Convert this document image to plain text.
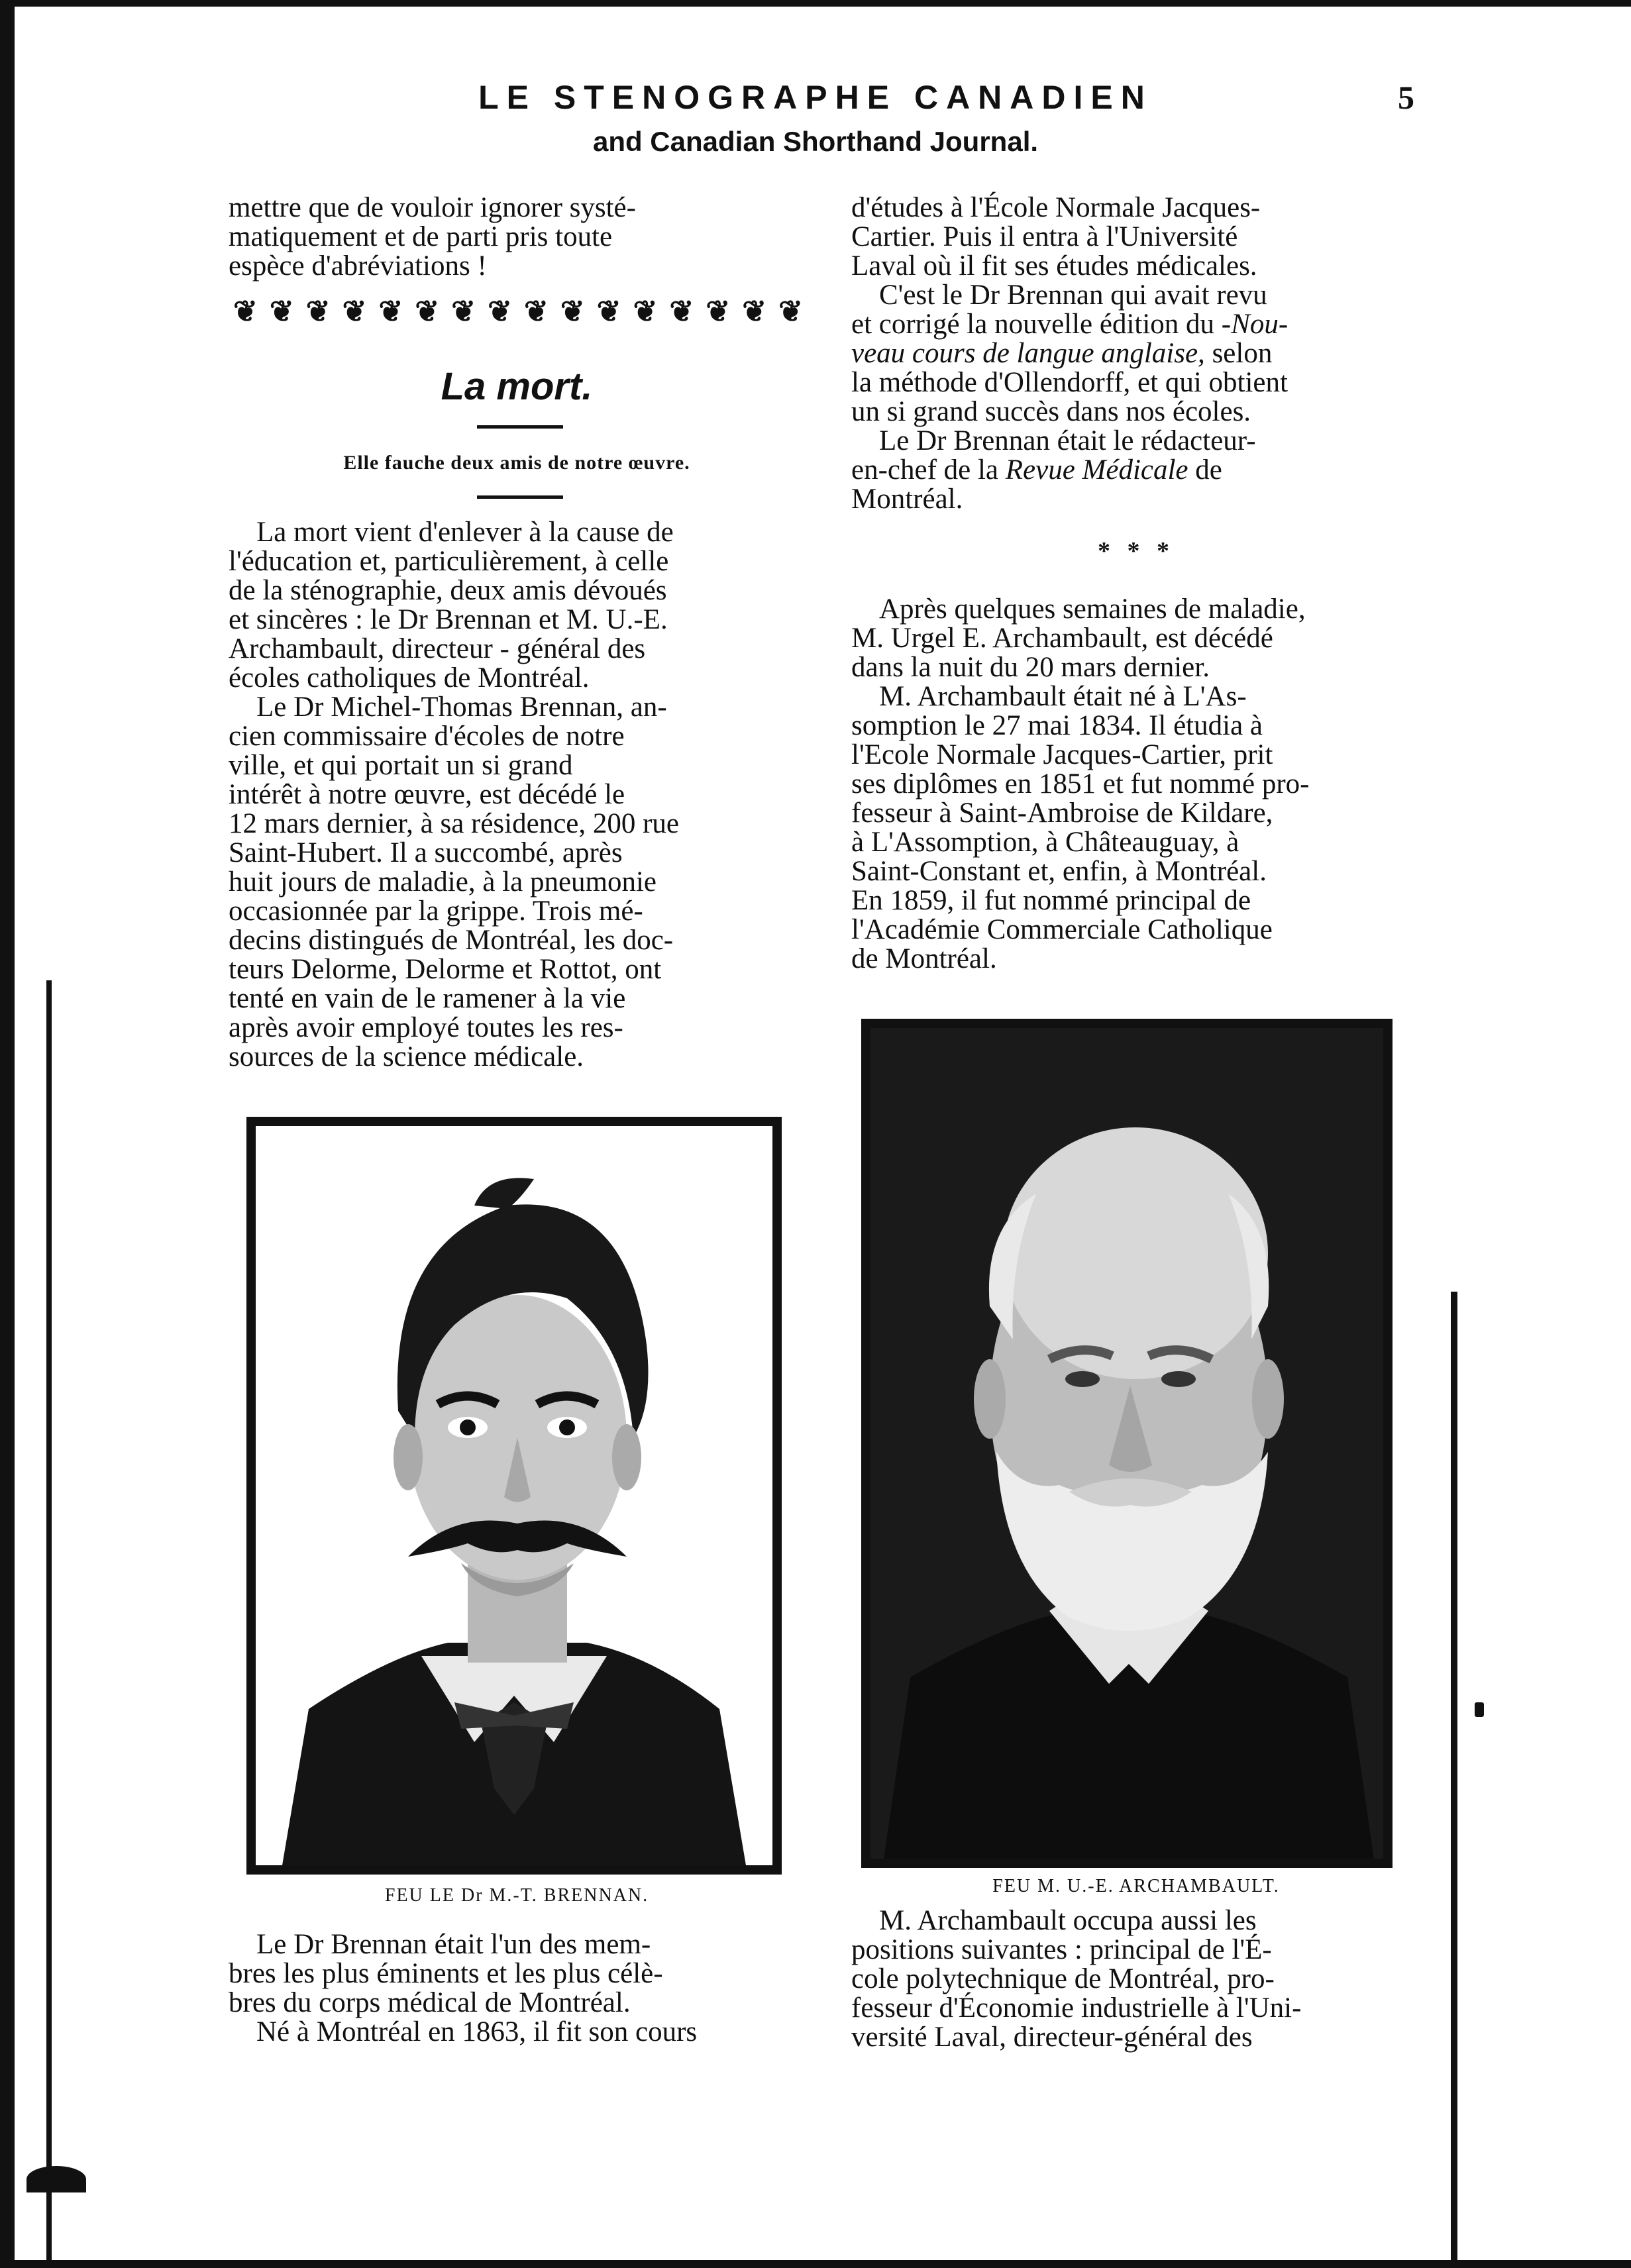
LE STENOGRAPHE CANADIEN	5
and Canadian Shorthand Journal.

mettre que de vouloir ignorer systé-

matiquement et de parti pris toute

espèce d'abréviations !

❦ ❦ ❦ ❦ ❦ ❦ ❦ ❦ ❦ ❦ ❦ ❦ ❦ ❦ ❦ ❦
La mort.
Elle fauche deux amis de notre œuvre.

La mort vient d'enlever à la cause de

l'éducation et, particulièrement, à celle

de la sténographie, deux amis dévoués

et sincères : le Dr Brennan et M. U.-E.

Archambault, directeur - général des

écoles catholiques de Montréal.

Le Dr Michel-Thomas Brennan, an-

cien commissaire d'écoles de notre

ville, et qui portait un si grand

intérêt à notre œuvre, est décédé le

12 mars dernier, à sa résidence, 200 rue

Saint-Hubert. Il a succombé, après

huit jours de maladie, à la pneumonie

occasionnée par la grippe. Trois mé-

decins distingués de Montréal, les doc-

teurs Delorme, Delorme et Rottot, ont

tenté en vain de le ramener à la vie

après avoir employé toutes les res-

sources de la science médicale.

FEU LE Dr M.-T. BRENNAN.

Le Dr Brennan était l'un des mem-

bres les plus éminents et les plus célè-

bres du corps médical de Montréal.

Né à Montréal en 1863, il fit son cours

d'études à l'École Normale Jacques-

Cartier. Puis il entra à l'Université

Laval où il fit ses études médicales.

C'est le Dr Brennan qui avait revu

et corrigé la nouvelle édition du -Nou-

veau cours de langue anglaise, selon

la méthode d'Ollendorff, et qui obtient

un si grand succès dans nos écoles.

Le Dr Brennan était le rédacteur-

en-chef de la Revue Médicale de

Montréal.

* * *

Après quelques semaines de maladie,

M. Urgel E. Archambault, est décédé

dans la nuit du 20 mars dernier.

M. Archambault était né à L'As-

somption le 27 mai 1834. Il étudia à

l'Ecole Normale Jacques-Cartier, prit

ses diplômes en 1851 et fut nommé pro-

fesseur à Saint-Ambroise de Kildare,

à L'Assomption, à Châteauguay, à

Saint-Constant et, enfin, à Montréal.

En 1859, il fut nommé principal de

l'Académie Commerciale Catholique

de Montréal.

FEU M. U.-E. ARCHAMBAULT.

M. Archambault occupa aussi les

positions suivantes : principal de l'É-

cole polytechnique de Montréal, pro-

fesseur d'Économie industrielle à l'Uni-

versité Laval, directeur-général des
